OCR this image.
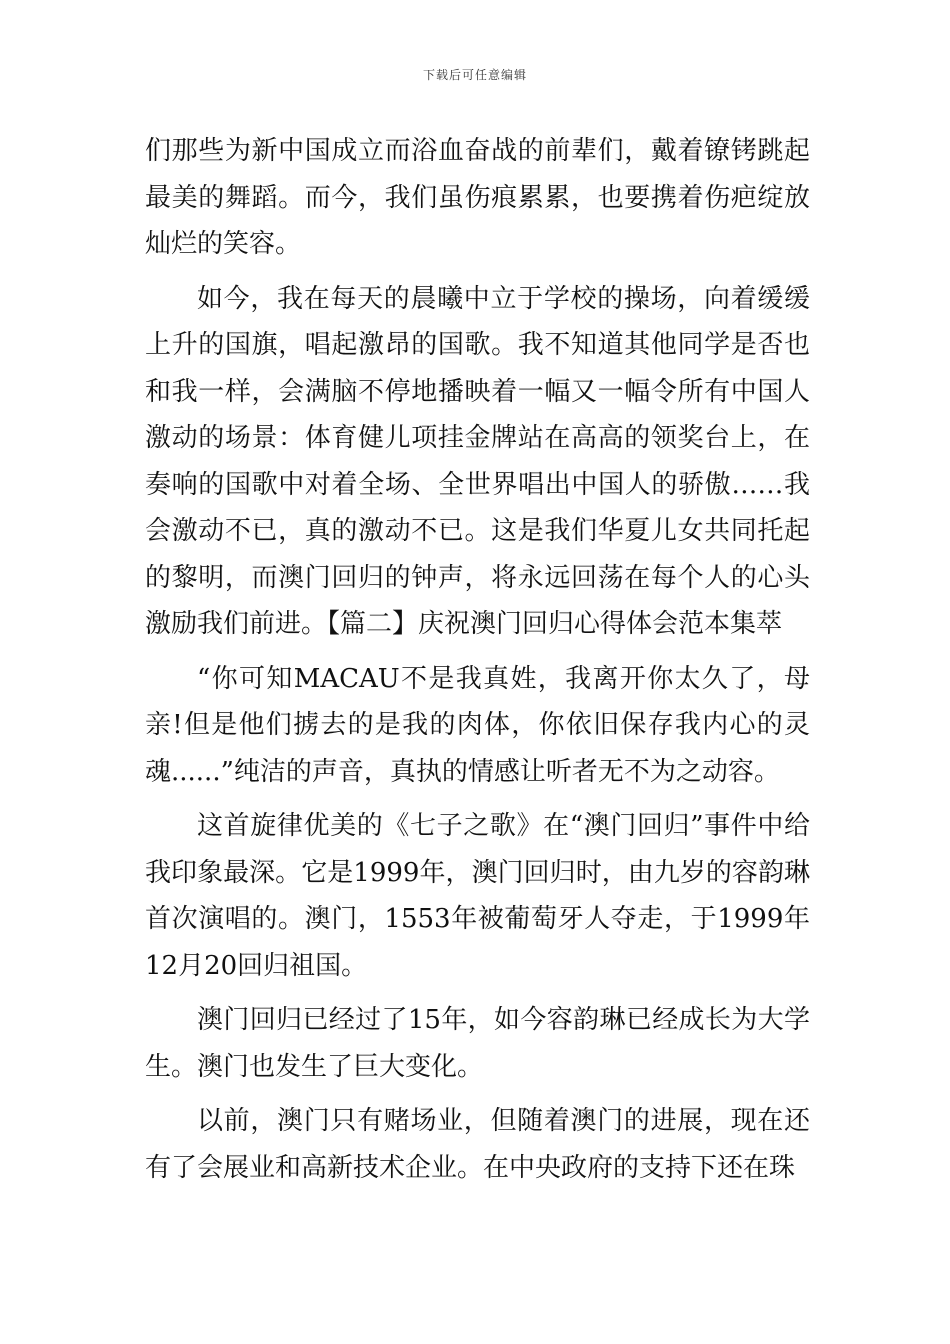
下载后可任意编辑

们那些为新中国成立而浴血奋战的前辈们，戴着镣铐跳起最美的舞蹈。而今，我们虽伤痕累累，也要携着伤疤绽放灿烂的笑容。

如今，我在每天的晨曦中立于学校的操场，向着缓缓上升的国旗，唱起激昂的国歌。我不知道其他同学是否也和我一样，会满脑不停地播映着一幅又一幅令所有中国人激动的场景：体育健儿项挂金牌站在高高的领奖台上，在奏响的国歌中对着全场、全世界唱出中国人的骄傲……我会激动不已，真的激动不已。这是我们华夏儿女共同托起的黎明，而澳门回归的钟声，将永远回荡在每个人的心头激励我们前进。【篇二】庆祝澳门回归心得体会范本集萃

“你可知MACAU不是我真姓，我离开你太久了，母亲!但是他们掳去的是我的肉体，你依旧保存我内心的灵魂......”纯洁的声音，真执的情感让听者无不为之动容。

这首旋律优美的《七子之歌》在“澳门回归”事件中给我印象最深。它是1999年，澳门回归时，由九岁的容韵琳首次演唱的。澳门，1553年被葡萄牙人夺走，于1999年12月20回归祖国。

澳门回归已经过了15年，如今容韵琳已经成长为大学生。澳门也发生了巨大变化。

以前，澳门只有赌场业，但随着澳门的进展，现在还有了会展业和高新技术企业。在中央政府的支持下还在珠
